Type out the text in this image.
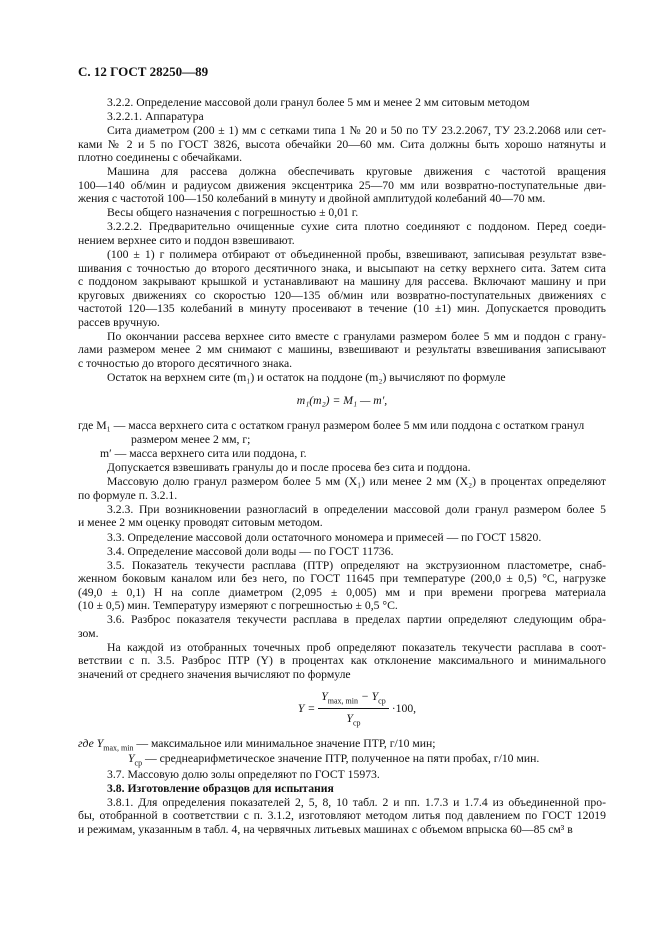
С. 12 ГОСТ 28250—89
3.2.2. Определение массовой доли гранул более 5 мм и менее 2 мм ситовым методом
3.2.2.1. Аппаратура
Сита диаметром (200 ± 1) мм с сетками типа 1 № 20 и 50 по ТУ 23.2.2067, ТУ 23.2.2068 или сет-
ками № 2 и 5 по ГОСТ 3826, высота обечайки 20—60 мм. Сита должны быть хорошо натянуты и
плотно соединены с обечайками.
Машина для рассева должна обеспечивать круговые движения с частотой вращения
100—140 об/мин и радиусом движения эксцентрика 25—70 мм или возвратно-поступательные дви-
жения с частотой 100—150 колебаний в минуту и двойной амплитудой колебаний 40—70 мм.
Весы общего назначения с погрешностью ± 0,01 г.
3.2.2.2. Предварительно очищенные сухие сита плотно соединяют с поддоном. Перед соеди-
нением верхнее сито и поддон взвешивают.
(100 ± 1) г полимера отбирают от объединенной пробы, взвешивают, записывая результат взве-
шивания с точностью до второго десятичного знака, и высыпают на сетку верхнего сита. Затем сита
с поддоном закрывают крышкой и устанавливают на машину для рассева. Включают машину и при
круговых движениях со скоростью 120—135 об/мин или возвратно-поступательных движениях с
частотой 120—135 колебаний в минуту просеивают в течение (10 ±1) мин. Допускается проводить
рассев вручную.
По окончании рассева верхнее сито вместе с гранулами размером более 5 мм и поддон с грану-
лами размером менее 2 мм снимают с машины, взвешивают и результаты взвешивания записывают
с точностью до второго десятичного знака.
Остаток на верхнем сите (m₁) и остаток на поддоне (m₂) вычисляют по формуле
m₁(m₂) = M₁ — m′,
где M₁ — масса верхнего сита с остатком гранул размером более 5 мм или поддона с остатком гранул
размером менее 2 мм, г;
m′ — масса верхнего сита или поддона, г.
Допускается взвешивать гранулы до и после просева без сита и поддона.
Массовую долю гранул размером более 5 мм (X₁) или менее 2 мм (X₂) в процентах определяют
по формуле п. 3.2.1.
3.2.3. При возникновении разногласий в определении массовой доли гранул размером более 5
и менее 2 мм оценку проводят ситовым методом.
3.3. Определение массовой доли остаточного мономера и примесей — по ГОСТ 15820.
3.4. Определение массовой доли воды — по ГОСТ 11736.
3.5. Показатель текучести расплава (ПТР) определяют на экструзионном пластометре, снаб-
женном боковым каналом или без него, по ГОСТ 11645 при температуре (200,0 ± 0,5) °С, нагрузке
(49,0 ± 0,1) Н на сопле диаметром (2,095 ± 0,005) мм и при времени прогрева материала
(10 ± 0,5) мин. Температуру измеряют с погрешностью ± 0,5 °С.
3.6. Разброс показателя текучести расплава в пределах партии определяют следующим обра-
зом.
На каждой из отобранных точечных проб определяют показатель текучести расплава в соот-
ветствии с п. 3.5. Разброс ПТР (Y) в процентах как отклонение максимального и минимального
значений от среднего значения вычисляют по формуле
$Y = \frac{Y_{max, min} - Y_{ср}}{Y_{ср}} \cdot 100$,
где $Y_{max, min}$ — максимальное или минимальное значение ПТР, г/10 мин;
$Y_{ср}$ — среднеарифметическое значение ПТР, полученное на пяти пробах, г/10 мин.
3.7. Массовую долю золы определяют по ГОСТ 15973.
3.8. Изготовление образцов для испытания
3.8.1. Для определения показателей 2, 5, 8, 10 табл. 2 и пп. 1.7.3 и 1.7.4 из объединенной про-
бы, отобранной в соответствии с п. 3.1.2, изготовляют методом литья под давлением по ГОСТ 12019
и режимам, указанным в табл. 4, на червячных литьевых машинах с объемом впрыска 60—85 см³ в
